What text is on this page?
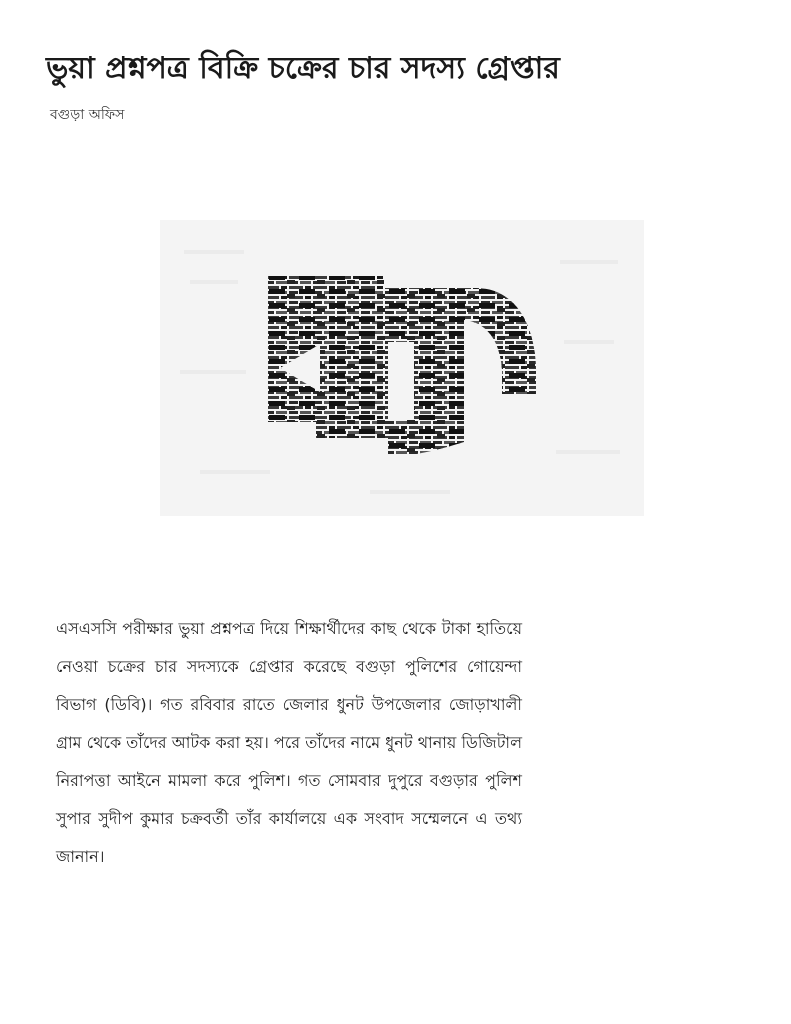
ভুয়া প্রশ্নপত্র বিক্রি চক্রের চার সদস্য গ্রেপ্তার
বগুড়া অফিস

এসএসসি পরীক্ষার ভুয়া প্রশ্নপত্র দিয়ে শিক্ষার্থীদের কাছ থেকে টাকা হাতিয়ে নেওয়া চক্রের চার সদস্যকে গ্রেপ্তার করেছে বগুড়া পুলিশের গোয়েন্দা বিভাগ (ডিবি)। গত রবিবার রাতে জেলার ধুনট উপজেলার জোড়াখালী গ্রাম থেকে তাঁদের আটক করা হয়। পরে তাঁদের নামে ধুনট থানায় ডিজিটাল নিরাপত্তা আইনে মামলা করে পুলিশ। গত সোমবার দুপুরে বগুড়ার পুলিশ সুপার সুদীপ কুমার চক্রবর্তী তাঁর কার্যালয়ে এক সংবাদ সম্মেলনে এ তথ্য জানান।
